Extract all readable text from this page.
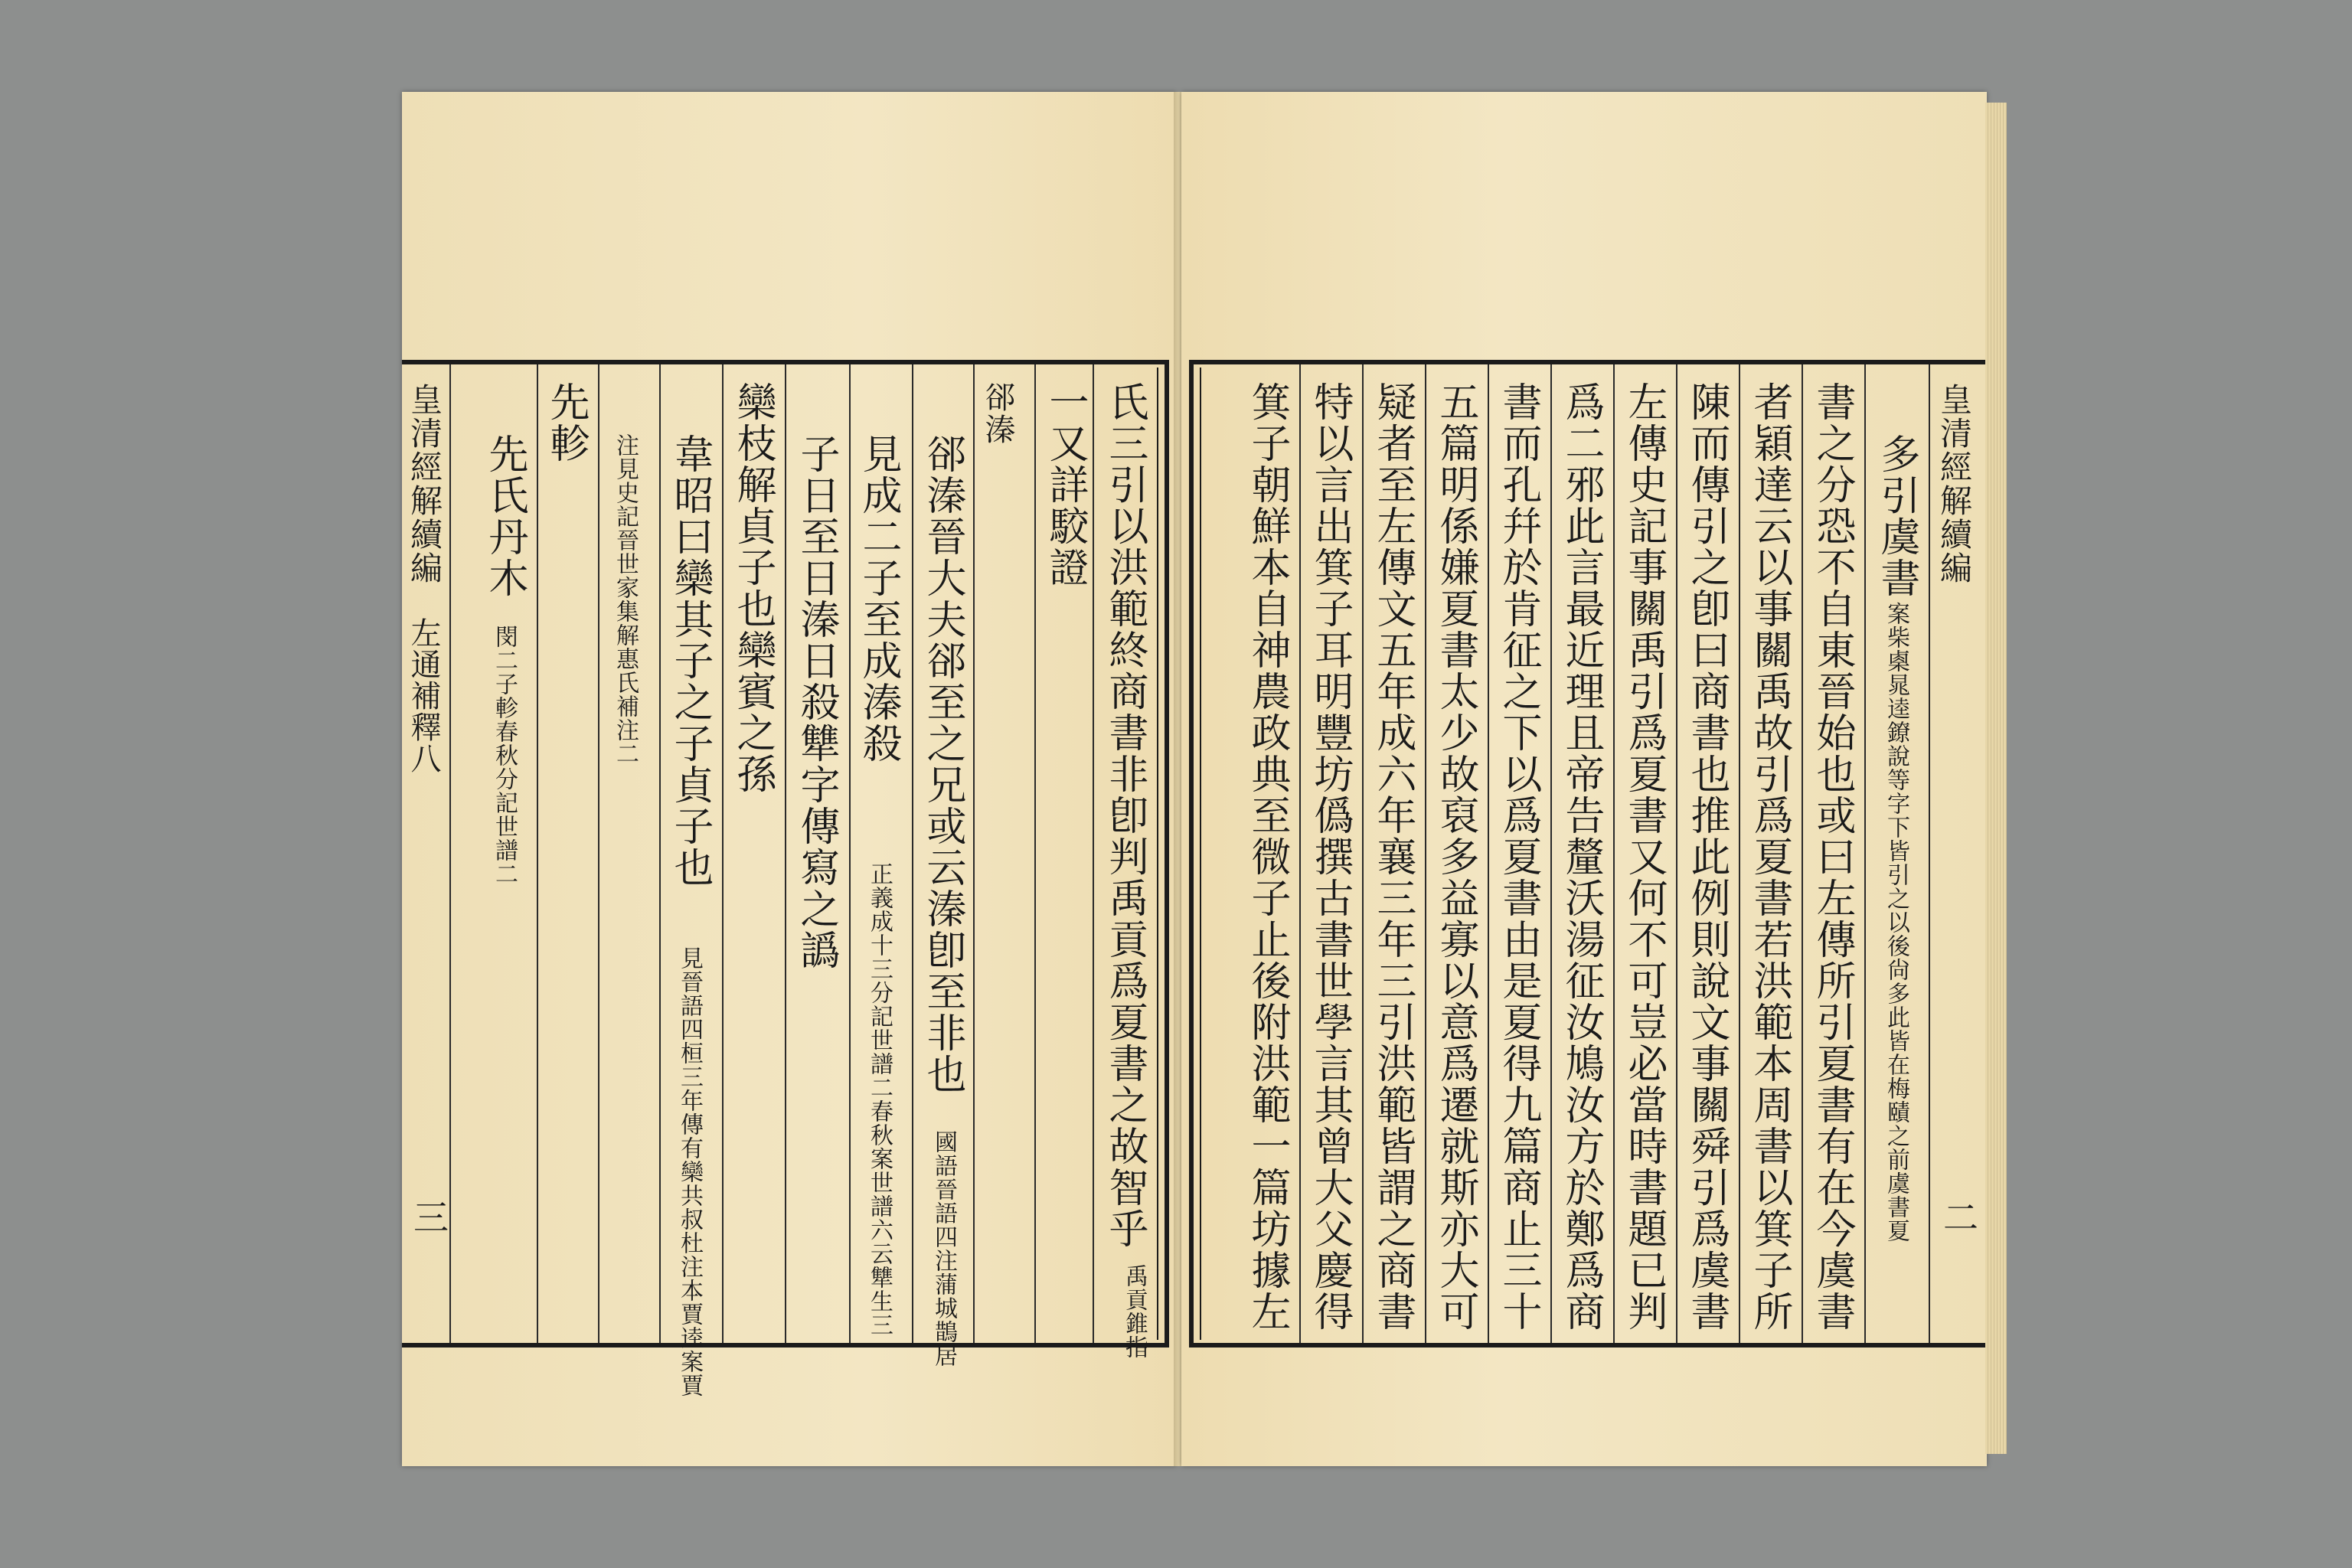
皇清經解續編
左通補釋八
三	氏三引以洪範終商書非卽判禹貢爲夏書之故智乎
禹貢錐指
一又詳駮證
郤溱
郤溱晉大夫郤至之兄或云溱卽至非也
國語晉語四注蒲城鵲居
見成二子至成溱殺
正義成十三分記世譜二春秋案世譜六云犨生三
子日至日溱日殺犨字傳寫之譌
欒枝解貞子也欒賓之孫
韋昭曰欒其子之子貞子也
見晉語四桓三年傳有欒共叔杜注本賈逵案賈
注見史記晉世家集解惠氏補注二
先軫
先氏丹木
閔二子軫春秋分記世譜二
皇清經解續編
二
多引虞書
案柴㮚晁逵鐐說等字下皆引之以後尙多此皆在梅賾之前虞書夏
書之分恐不自東晉始也或曰左傳所引夏書有在今虞書
者穎達云以事關禹故引爲夏書若洪範本周書以箕子所
陳而傳引之卽曰商書也推此例則說文事關舜引爲虞書
左傳史記事關禹引爲夏書又何不可豈必當時書題已判
爲二邪此言最近理且帝告釐沃湯征汝鳩汝方於鄭爲商
書而孔幷於肯征之下以爲夏書由是夏得九篇商止三十
五篇明係嫌夏書太少故裒多益寡以意爲遷就斯亦大可
疑者至左傳文五年成六年襄三年三引洪範皆謂之商書
特以言出箕子耳明豐坊僞撰古書世學言其曾大父慶得
箕子朝鮮本自神農政典至微子止後附洪範一篇坊據左
